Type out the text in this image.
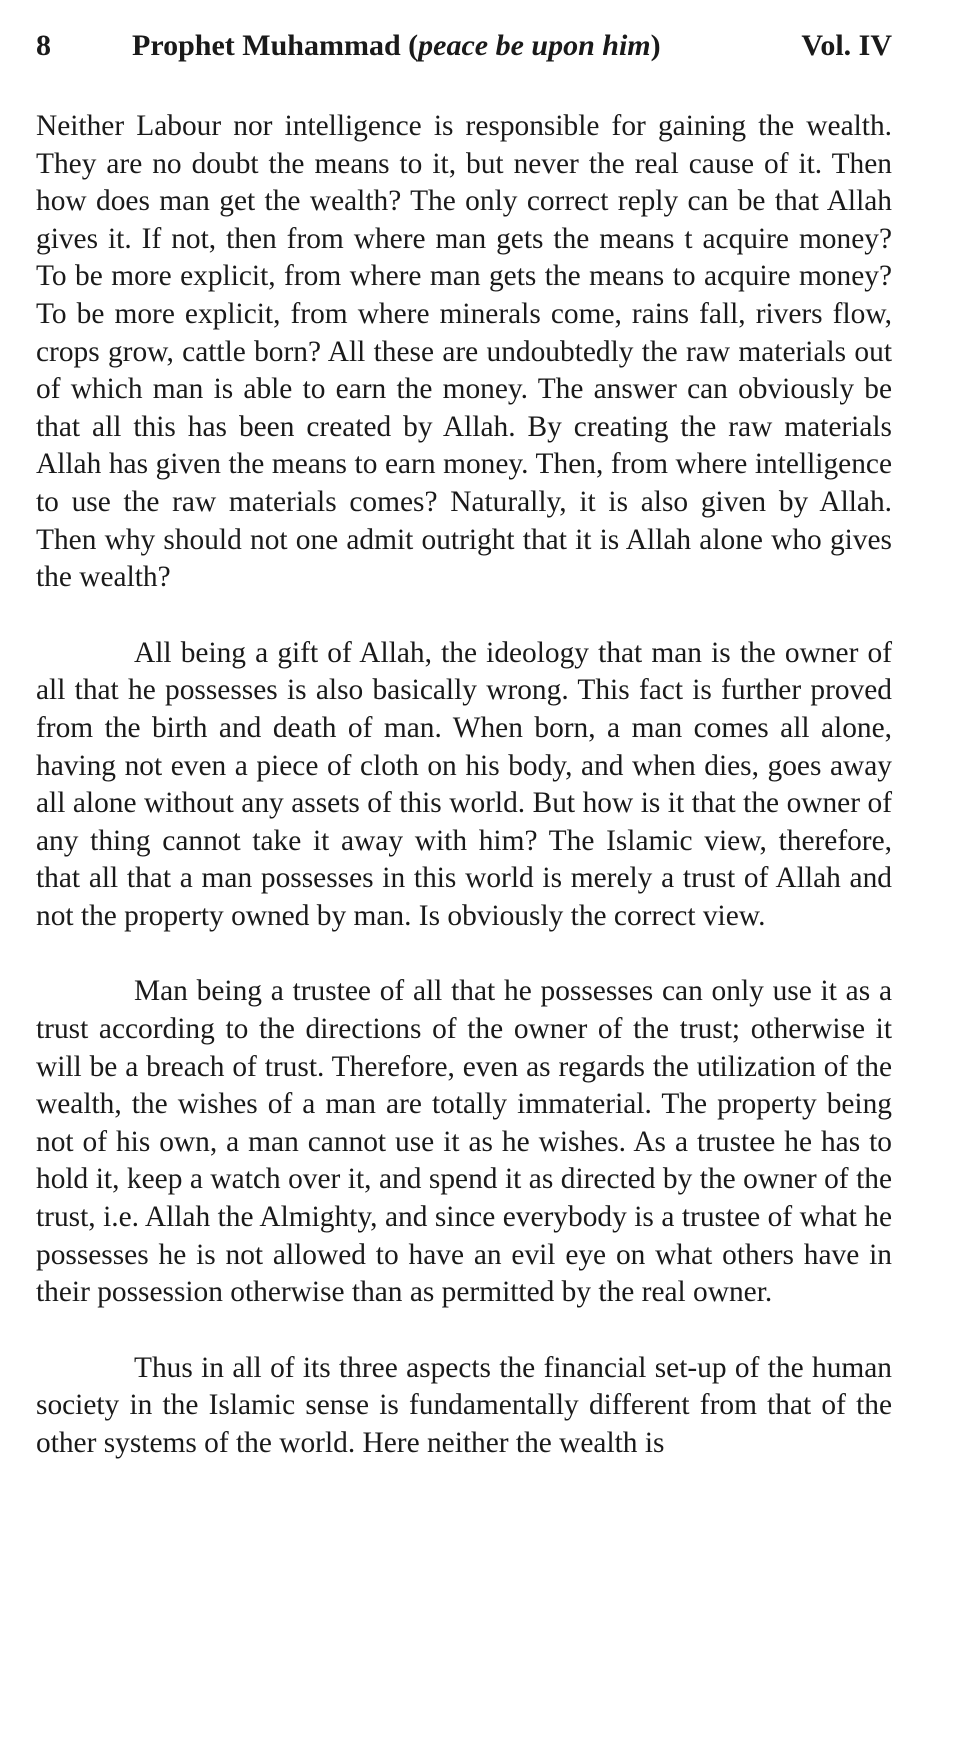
8	Prophet Muhammad (peace be upon him)	Vol. IV

Neither Labour nor intelligence is responsible for gaining the wealth. They are no doubt the means to it, but never the real cause of it. Then how does man get the wealth? The only correct reply can be that Allah gives it. If not, then from where man gets the means t acquire money? To be more explicit, from where man gets the means to acquire money? To be more explicit, from where minerals come, rains fall, rivers flow, crops grow, cattle born? All these are undoubtedly the raw materials out of which man is able to earn the money. The answer can obviously be that all this has been created by Allah. By creating the raw materials Allah has given the means to earn money. Then, from where intelligence to use the raw materials comes? Naturally, it is also given by Allah. Then why should not one admit outright that it is Allah alone who gives the wealth?

All being a gift of Allah, the ideology that man is the owner of all that he possesses is also basically wrong. This fact is further proved from the birth and death of man. When born, a man comes all alone, having not even a piece of cloth on his body, and when dies, goes away all alone without any assets of this world. But how is it that the owner of any thing cannot take it away with him? The Islamic view, therefore, that all that a man possesses in this world is merely a trust of Allah and not the property owned by man. Is obviously the correct view.

Man being a trustee of all that he possesses can only use it as a trust according to the directions of the owner of the trust; otherwise it will be a breach of trust. Therefore, even as regards the utilization of the wealth, the wishes of a man are totally immaterial. The property being not of his own, a man cannot use it as he wishes. As a trustee he has to hold it, keep a watch over it, and spend it as directed by the owner of the trust, i.e. Allah the Almighty, and since everybody is a trustee of what he possesses he is not allowed to have an evil eye on what others have in their possession otherwise than as permitted by the real owner.

Thus in all of its three aspects the financial set-up of the human society in the Islamic sense is fundamentally different from that of the other systems of the world. Here neither the wealth is
